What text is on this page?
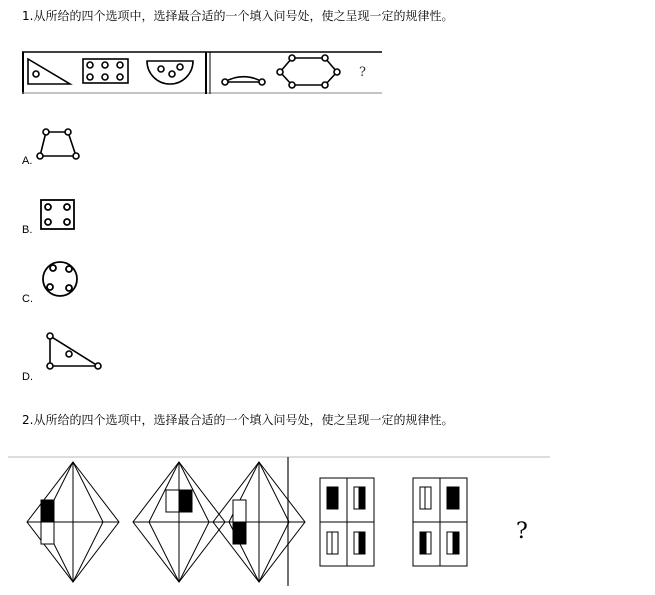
1.从所给的四个选项中，选择最合适的一个填入问号处，使之呈现一定的规律性。
?
A.
B.
C.
D.
2.从所给的四个选项中，选择最合适的一个填入问号处，使之呈现一定的规律性。
?
